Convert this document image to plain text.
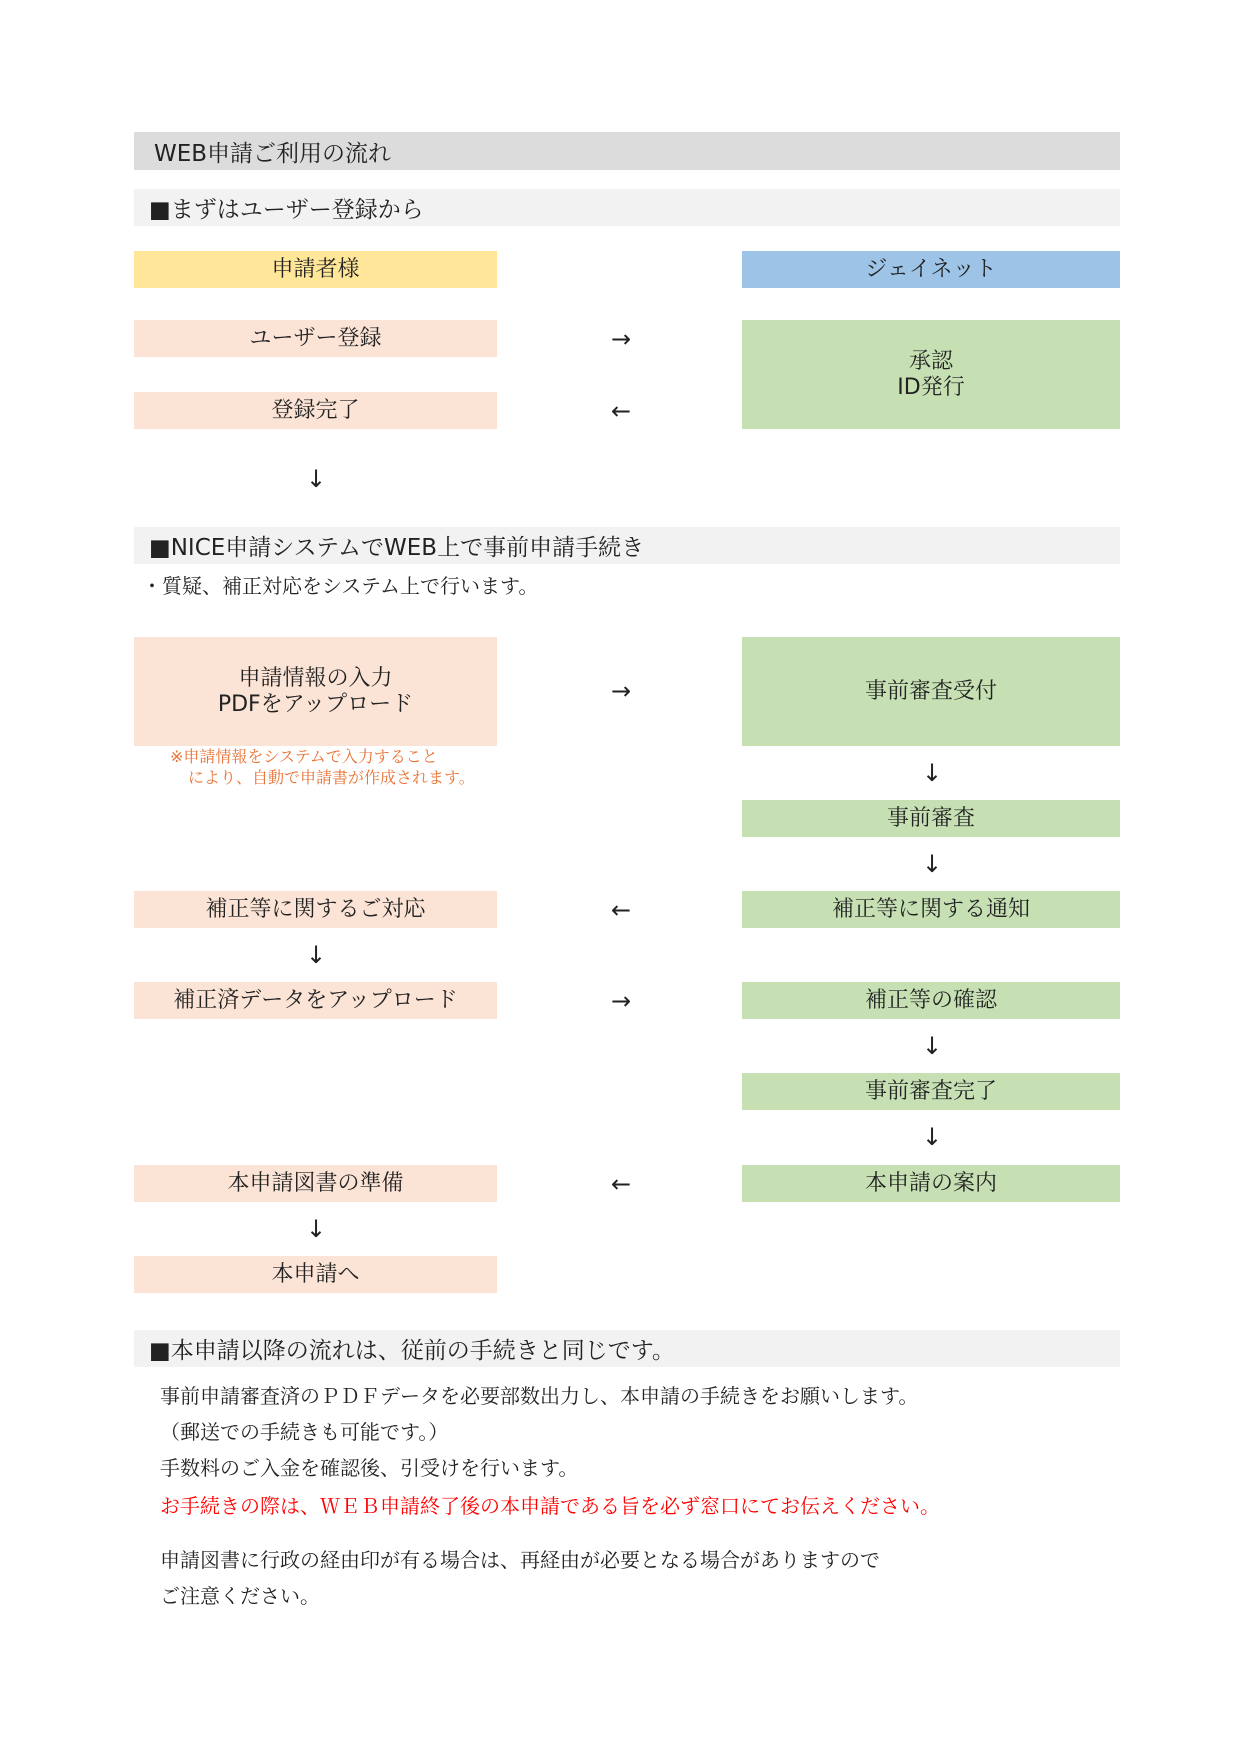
WEB申請ご利用の流れ
■まずはユーザー登録から
申請者様	ジェイネット
ユーザー登録	→
登録完了	←
承認
ID発行
↓
■NICE申請システムでWEB上で事前申請手続き
・質疑、補正対応をシステム上で行います。
申請情報の入力
PDFをアップロード	→	事前審査受付
※申請情報をシステムで入力すること
により、自動で申請書が作成されます。	↓
事前審査
↓
補正等に関するご対応	←	補正等に関する通知
↓
補正済データをアップロード	→	補正等の確認
↓
事前審査完了
↓
本申請図書の準備	←	本申請の案内
↓
本申請へ
■本申請以降の流れは、従前の手続きと同じです。
事前申請審査済のＰＤＦデータを必要部数出力し、本申請の手続きをお願いします。
（郵送での手続きも可能です。）
手数料のご入金を確認後、引受けを行います。
お手続きの際は、ＷＥＢ申請終了後の本申請である旨を必ず窓口にてお伝えください。
申請図書に行政の経由印が有る場合は、再経由が必要となる場合がありますので
ご注意ください。
